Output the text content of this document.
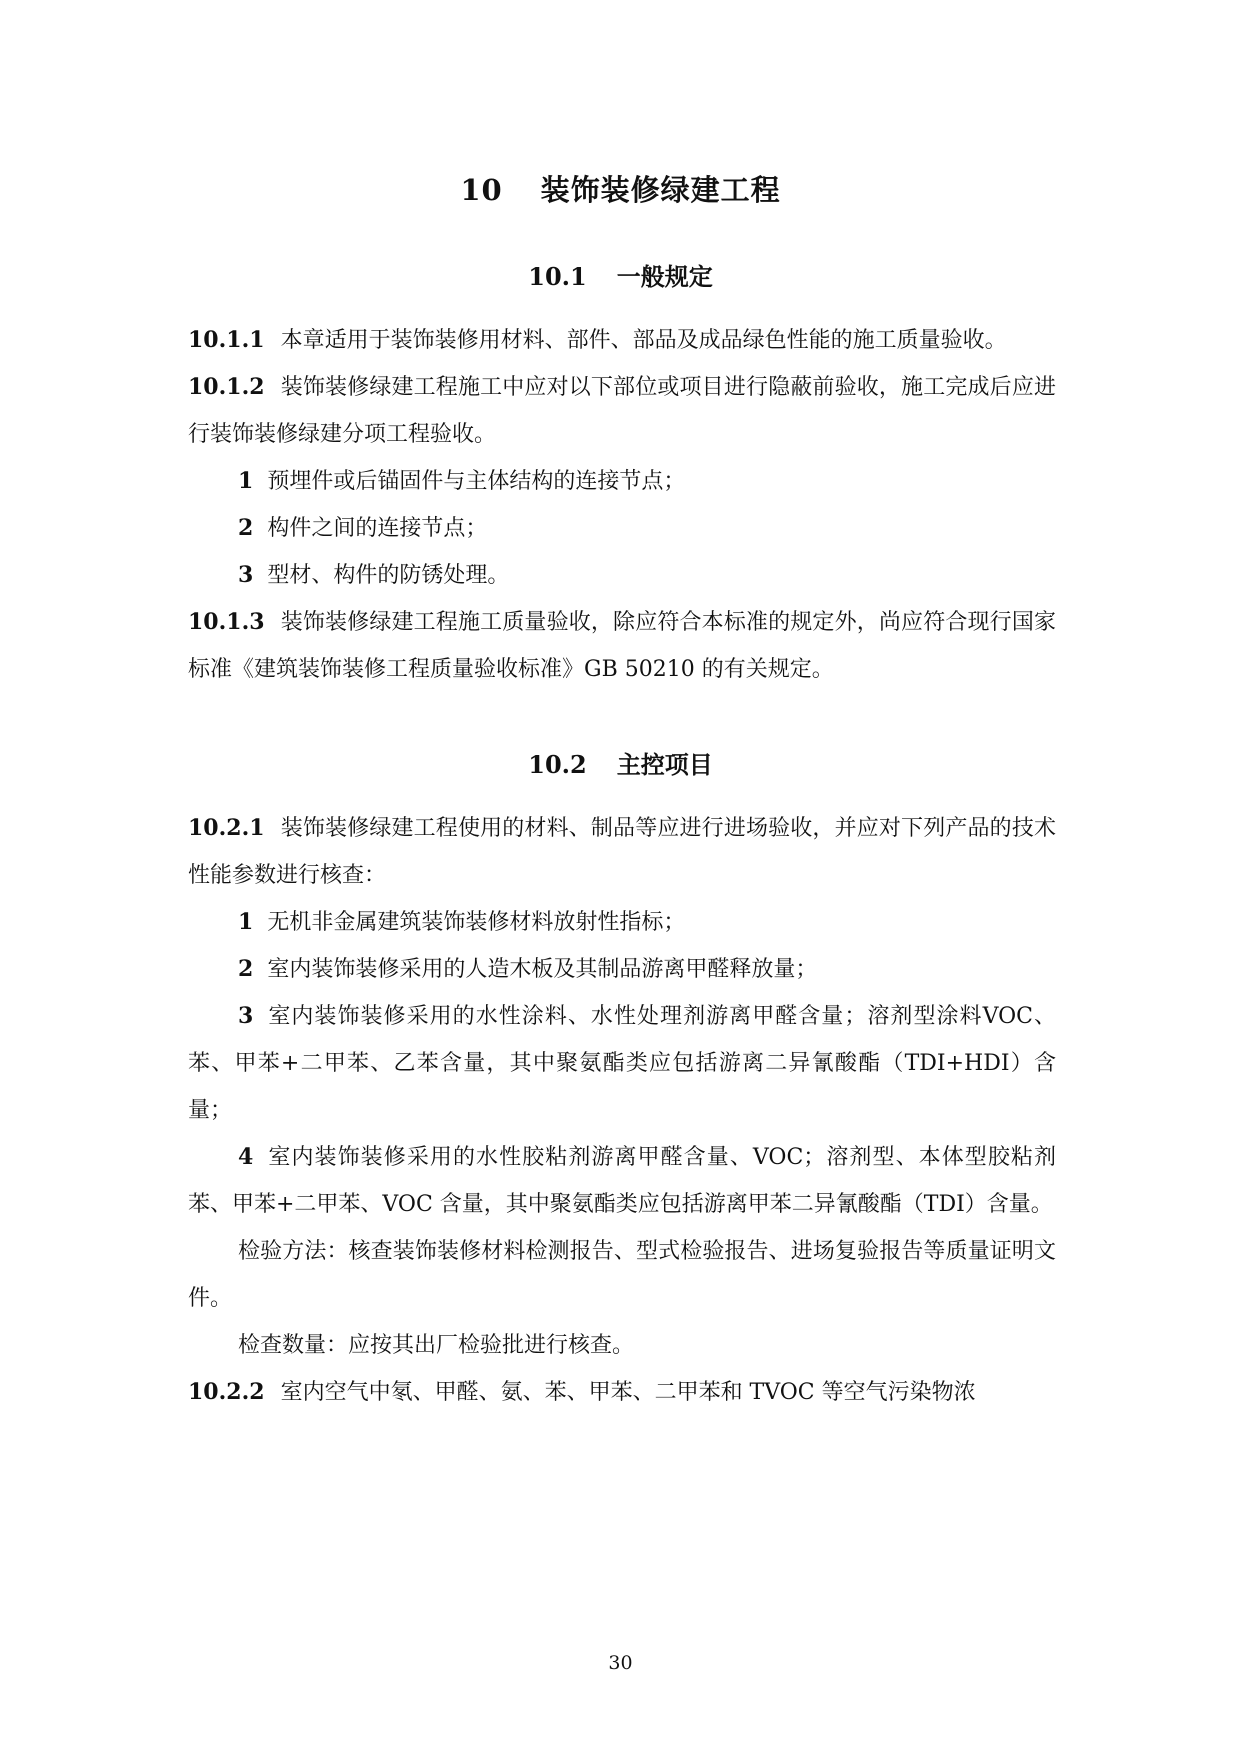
10 装饰装修绿建工程
10.1 一般规定

10.1.1 本章适用于装饰装修用材料、部件、部品及成品绿色性能的施工质量验收。

10.1.2 装饰装修绿建工程施工中应对以下部位或项目进行隐蔽前验收，施工完成后应进行装饰装修绿建分项工程验收。

1 预埋件或后锚固件与主体结构的连接节点；

2 构件之间的连接节点；

3 型材、构件的防锈处理。

10.1.3 装饰装修绿建工程施工质量验收，除应符合本标准的规定外，尚应符合现行国家标准《建筑装饰装修工程质量验收标准》GB 50210 的有关规定。

10.2 主控项目

10.2.1 装饰装修绿建工程使用的材料、制品等应进行进场验收，并应对下列产品的技术性能参数进行核查：

1 无机非金属建筑装饰装修材料放射性指标；

2 室内装饰装修采用的人造木板及其制品游离甲醛释放量；

3 室内装饰装修采用的水性涂料、水性处理剂游离甲醛含量；溶剂型涂料VOC、苯、甲苯+二甲苯、乙苯含量，其中聚氨酯类应包括游离二异氰酸酯（TDI+HDI）含量；

4 室内装饰装修采用的水性胶粘剂游离甲醛含量、VOC；溶剂型、本体型胶粘剂苯、甲苯+二甲苯、VOC 含量，其中聚氨酯类应包括游离甲苯二异氰酸酯（TDI）含量。

检验方法：核查装饰装修材料检测报告、型式检验报告、进场复验报告等质量证明文件。

检查数量：应按其出厂检验批进行核查。

10.2.2 室内空气中氡、甲醛、氨、苯、甲苯、二甲苯和 TVOC 等空气污染物浓

30
